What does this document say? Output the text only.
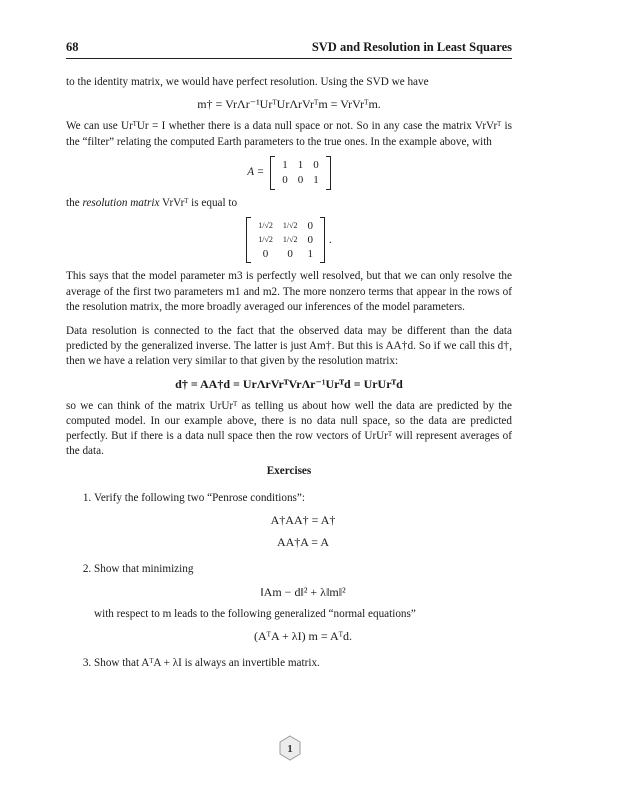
68	SVD and Resolution in Least Squares

to the identity matrix, we would have perfect resolution. Using the SVD we have

m† = VrΛr⁻¹UrᵀUrΛrVrᵀm = VrVrᵀm.

We can use UrᵀUr = I whether there is a data null space or not. So in any case the matrix VrVrᵀ is the “filter” relating the computed Earth parameters to the true ones. In the example above, with

A =
1 1 0
0 0 1

the resolution matrix VrVrᵀ is equal to

1/√2	1/√2 0
1/√2	1/√2 0
0	0	1
.

This says that the model parameter m3 is perfectly well resolved, but that we can only resolve the average of the first two parameters m1 and m2. The more nonzero terms that appear in the rows of the resolution matrix, the more broadly averaged our inferences of the model parameters.

Data resolution is connected to the fact that the observed data may be different than the data predicted by the generalized inverse. The latter is just Am†. But this is AA†d. So if we call this d†, then we have a relation very similar to that given by the resolution matrix:

d† = AA†d = UrΛrVrᵀVrΛr⁻¹Urᵀd = UrUrᵀd

so we can think of the matrix UrUrᵀ as telling us about how well the data are predicted by the computed model. In our example above, there is no data null space, so the data are predicted perfectly. But if there is a data null space then the row vectors of UrUrᵀ will represent averages of the data.

Exercises
1. Verify the following two “Penrose conditions”:
A†AA† = A†
AA†A = A
2. Show that minimizing
‖Am − d‖² + λ‖m‖²
with respect to m leads to the following generalized “normal equations”
(AᵀA + λI) m = Aᵀd.
3. Show that AᵀA + λI is always an invertible matrix.
1
